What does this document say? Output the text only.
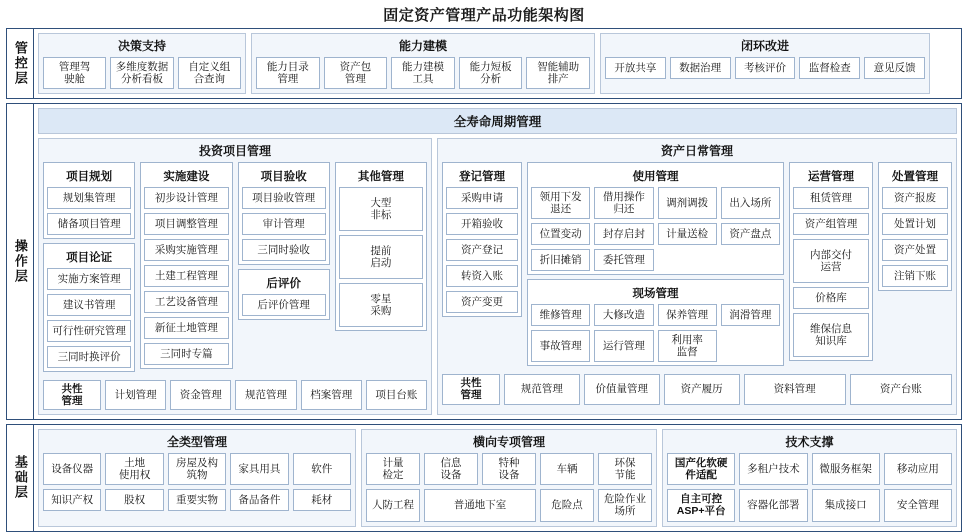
固定资产管理产品功能架构图
管控层	决策支持
管理驾
驶舱
多维度数据
分析看板
自定义组
合查询
能力建模
能力目录
管理
资产包
管理
能力建模
工具
能力短板
分析
智能辅助
排产
闭环改进
开放共享	数据治理	考核评价	监督检查	意见反馈
操作层
全寿命周期管理
投资项目管理
项目规划
规划集管理
储备项目管理
项目论证
实施方案管理
建议书管理
可行性研究管理
三同时换评价
实施建设
初步设计管理
项目调整管理
采购实施管理
土建工程管理
工艺设备管理
新征土地管理
三同时专篇
项目验收
项目验收管理
审计管理
三同时验收
后评价
后评价管理
其他管理
大型
非标
提前
启动
零星
采购
共性
管理
计划管理	资金管理	规范管理	档案管理	项目台账
资产日常管理
登记管理
采购申请
开箱验收
资产登记
转资入账
资产变更
使用管理
领用下发
退还
借用操作
归还
调剂调拨	出入场所
位置变动	封存启封	计量送检	资产盘点
折旧摊销	委托管理
现场管理
维修管理	大修改造	保养管理	润滑管理
事故管理	运行管理
利用率
监督
运营管理
租赁管理
资产组管理
内部交付
运营
价格库
维保信息
知识库
处置管理
资产报废
处置计划
资产处置
注销下账
共性
管理
规范管理	价值量管理	资产履历	资料管理	资产台账
基础层
全类型管理
设备仪器
土地
使用权
房屋及构
筑物
家具用具	软件
知识产权	股权	重要实物	备品备件	耗材
横向专项管理
计量
检定
信息
设备
特种
设备
车辆
环保
节能
人防工程	普通地下室	危险点
危险作业
场所
技术支撑
国产化软硬
件适配
多租户技术	微服务框架	移动应用
自主可控
ASP+平台
容器化部署	集成接口	安全管理
